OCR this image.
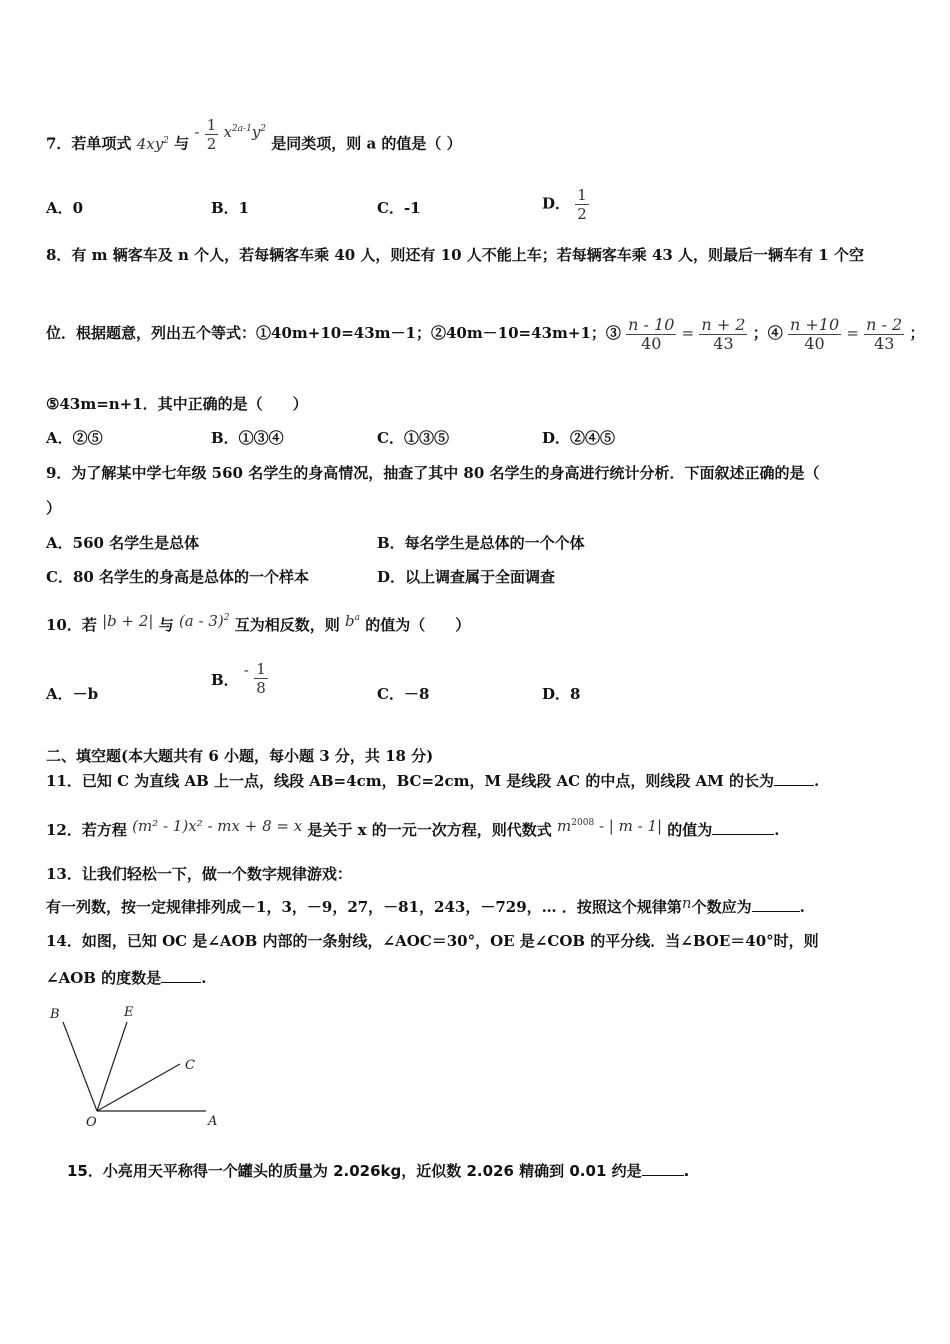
7．若单项式 $4xy^2$ 与 - $\frac{1}{2} x^{2a-1}y^2$ 是同类项，则 a 的值是（ ）
A．0	B．1	C．-1	D． $\frac{1}{2}$
8．有 m 辆客车及 n 个人，若每辆客车乘 40 人，则还有 10 人不能上车；若每辆客车乘 43 人，则最后一辆车有 1 个空
位．根据题意，列出五个等式：①40m+10=43m－1；②40m－10=43m+1；③ $\frac{n - 10}{40} = \frac{n + 2}{43}$ ；④ $\frac{n +10}{40} = \frac{n - 2}{43}$ ；
⑤43m=n+1．其中正确的是（　　）
A．②⑤	B．①③④	C．①③⑤	D．②④⑤
9．为了解某中学七年级 560 名学生的身高情况，抽查了其中 80 名学生的身高进行统计分析．下面叙述正确的是（
）
A．560 名学生是总体	B．每名学生是总体的一个个体
C．80 名学生的身高是总体的一个样本	D．以上调查属于全面调查
10．若 |b + 2| 与 (a - 3)$^2$ 互为相反数，则 $b^a$ 的值为（　　）
A．－b
B． - $\frac{1}{8}$	C．－8	D．8
二、填空题(本大题共有 6 小题，每小题 3 分，共 18 分)
11．已知 C 为直线 AB 上一点，线段 AB=4cm，BC=2cm，M 是线段 AC 的中点，则线段 AM 的长为	.
12．若方程 (m² - 1)x² - mx + 8 = x 是关于 x 的一元一次方程，则代数式 $m^{2008}$ - | m - 1| 的值为	.
13．让我们轻松一下，做一个数字规律游戏：
有一列数，按一定规律排列成－1，3，－9，27，－81，243，－729，… ．按照这个规律第n个数应为	.
14．如图，已知 OC 是∠AOB 内部的一条射线，∠AOC＝30°，OE 是∠COB 的平分线．当∠BOE＝40°时，则
∠AOB 的度数是	.
B	E
C
O	A
15．小亮用天平称得一个罐头的质量为 2.026kg，近似数 2.026 精确到 0.01 约是	.
